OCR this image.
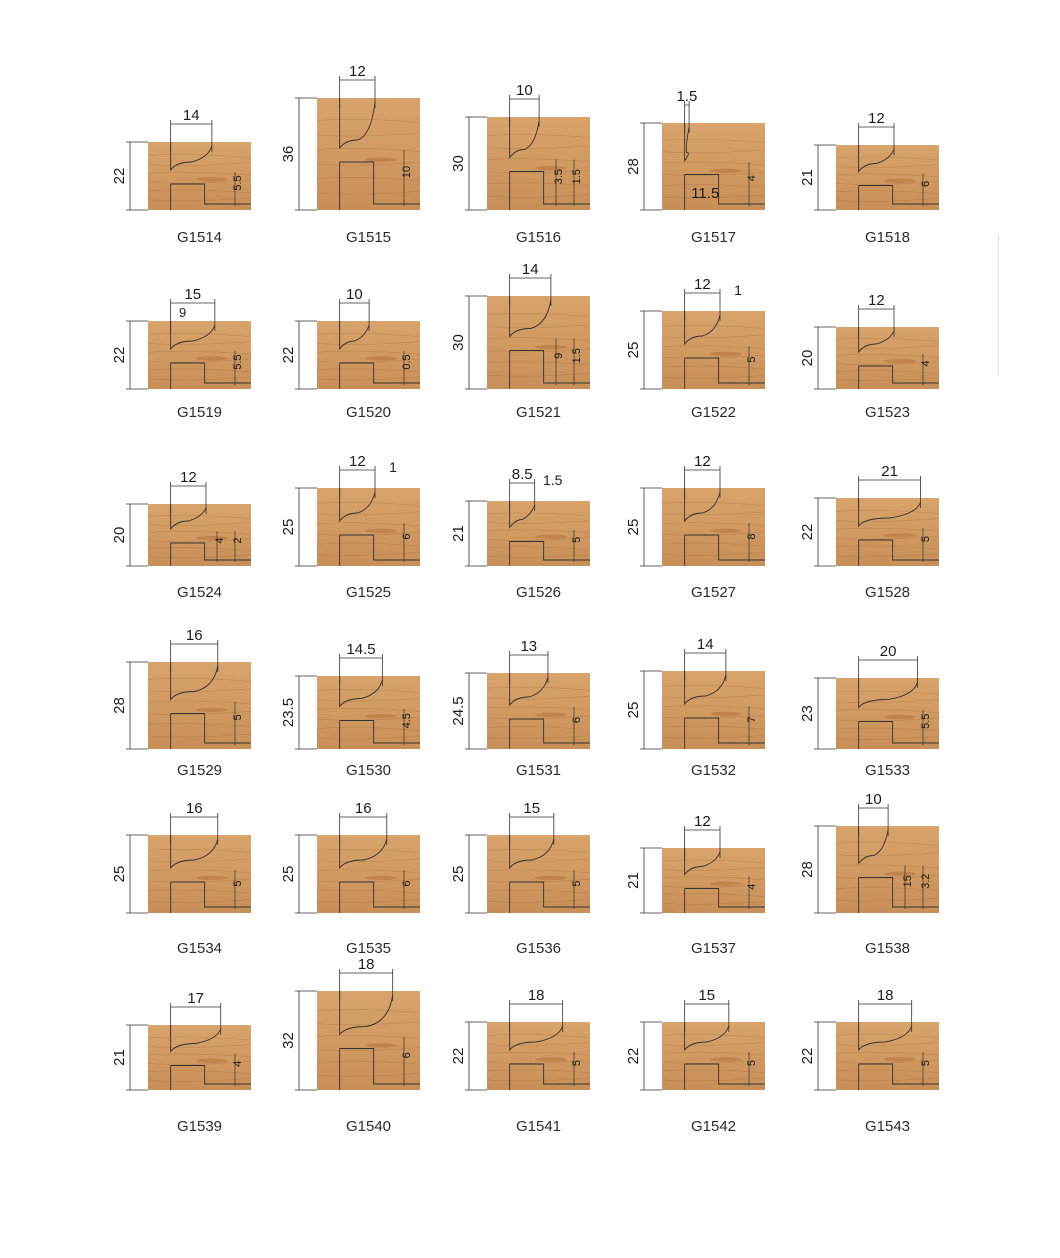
22
14
5.5
36
12
10
30
10
1.5
3.5
28
1.5
4
11.5
21
12
6
22
15
9
5.5 22
10
0.5
30
14
1.5
9	25
12 1
5	20
12
4
20
12
2
4
25
12 1
6 21
8.5 1.5
5
25
12
8	22
21
5
28
16
5 23.5
14.5
4.5 24.5
13
6
25
14
7	23
20
5.5
25
16
5
25
16
6
25
15
5	21
12
4
28
10
3.2
15
21
17
4
32
18
6 22
18
5	22
15
5	22
18
5
G1514	G1515	G1516	G1517	G1518
G1519	G1520	G1521	G1522	G1523
G1524	G1525	G1526	G1527	G1528
G1529	G1530	G1531	G1532	G1533
G1534	G1535	G1536	G1537	G1538
G1539	G1540	G1541	G1542	G1543
